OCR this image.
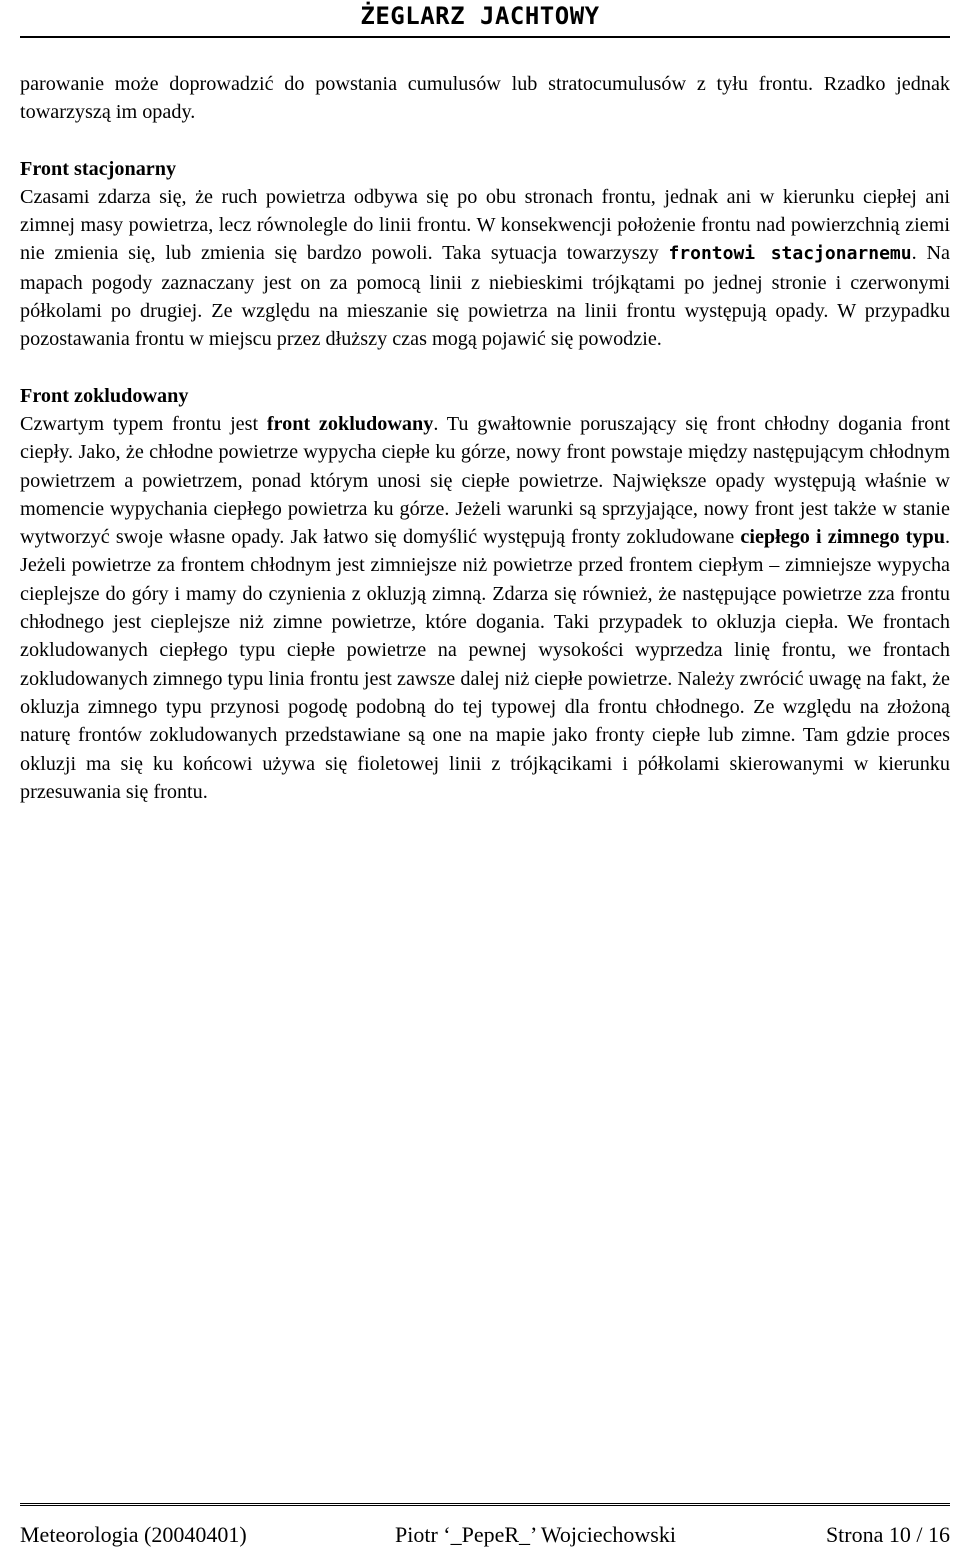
ŻEGLARZ JACHTOWY

parowanie może doprowadzić do powstania cumulusów lub stratocumulusów z tyłu frontu. Rzadko jednak towarzyszą im opady.

Front stacjonarny

Czasami zdarza się, że ruch powietrza odbywa się po obu stronach frontu, jednak ani w kierunku ciepłej ani zimnej masy powietrza, lecz równolegle do linii frontu. W konsekwencji położenie frontu nad powierzchnią ziemi nie zmienia się, lub zmienia się bardzo powoli. Taka sytuacja towarzyszy frontowi stacjonarnemu. Na mapach pogody zaznaczany jest on za pomocą linii z niebieskimi trójkątami po jednej stronie i czerwonymi półkolami po drugiej. Ze względu na mieszanie się powietrza na linii frontu występują opady. W przypadku pozostawania frontu w miejscu przez dłuższy czas mogą pojawić się powodzie.

Front zokludowany

Czwartym typem frontu jest front zokludowany. Tu gwałtownie poruszający się front chłodny dogania front ciepły. Jako, że chłodne powietrze wypycha ciepłe ku górze, nowy front powstaje między następującym chłodnym powietrzem a powietrzem, ponad którym unosi się ciepłe powietrze. Największe opady występują właśnie w momencie wypychania ciepłego powietrza ku górze. Jeżeli warunki są sprzyjające, nowy front jest także w stanie wytworzyć swoje własne opady. Jak łatwo się domyślić występują fronty zokludowane ciepłego i zimnego typu. Jeżeli powietrze za frontem chłodnym jest zimniejsze niż powietrze przed frontem ciepłym – zimniejsze wypycha cieplejsze do góry i mamy do czynienia z okluzją zimną. Zdarza się również, że następujące powietrze zza frontu chłodnego jest cieplejsze niż zimne powietrze, które dogania. Taki przypadek to okluzja ciepła. We frontach zokludowanych ciepłego typu ciepłe powietrze na pewnej wysokości wyprzedza linię frontu, we frontach zokludowanych zimnego typu linia frontu jest zawsze dalej niż ciepłe powietrze. Należy zwrócić uwagę na fakt, że okluzja zimnego typu przynosi pogodę podobną do tej typowej dla frontu chłodnego. Ze względu na złożoną naturę frontów zokludowanych przedstawiane są one na mapie jako fronty ciepłe lub zimne. Tam gdzie proces okluzji ma się ku końcowi używa się fioletowej linii z trójkącikami i półkolami skierowanymi w kierunku przesuwania się frontu.

Meteorologia (20040401)	Piotr ‘_PepeR_’ Wojciechowski	Strona 10 / 16
